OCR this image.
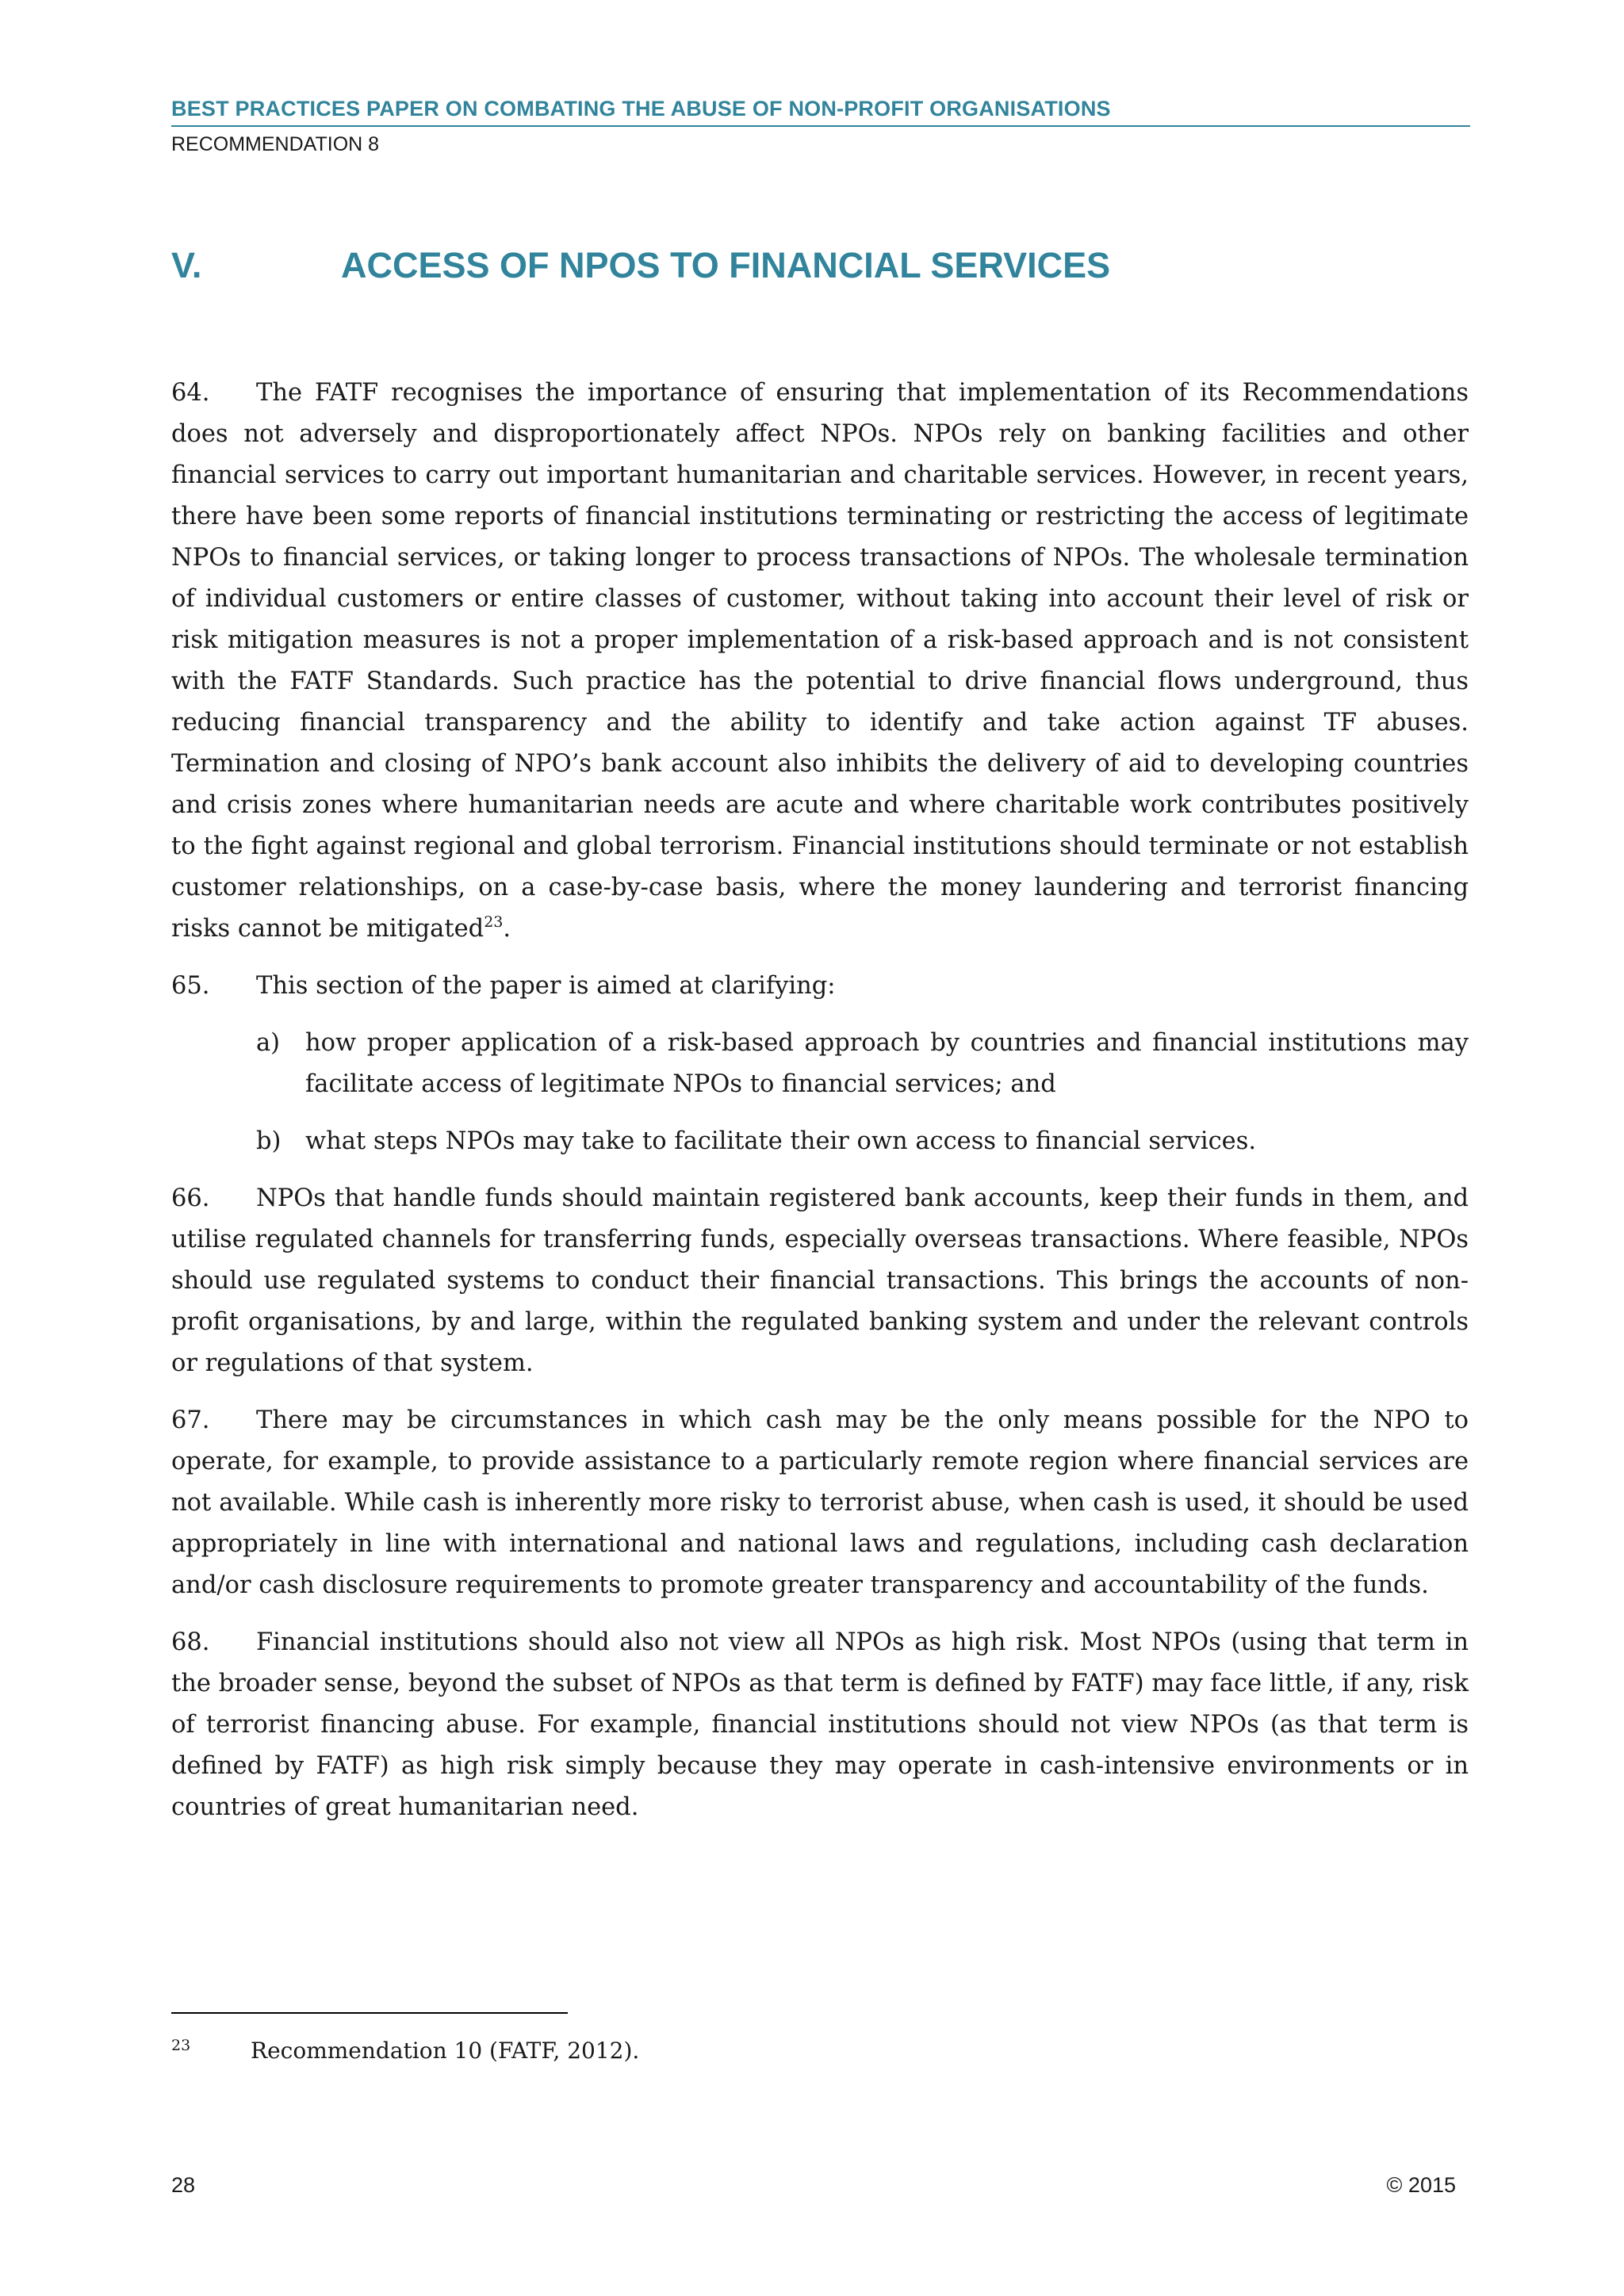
BEST PRACTICES PAPER ON COMBATING THE ABUSE OF NON-PROFIT ORGANISATIONS
RECOMMENDATION 8
V.	ACCESS OF NPOS TO FINANCIAL SERVICES

64. The FATF recognises the importance of ensuring that implementation of its Recommendations does not adversely and disproportionately affect NPOs. NPOs rely on banking facilities and other financial services to carry out important humanitarian and charitable services. However, in recent years, there have been some reports of financial institutions terminating or restricting the access of legitimate NPOs to financial services, or taking longer to process transactions of NPOs. The wholesale termination of individual customers or entire classes of customer, without taking into account their level of risk or risk mitigation measures is not a proper implementation of a risk-based approach and is not consistent with the FATF Standards. Such practice has the potential to drive financial flows underground, thus reducing financial transparency and the ability to identify and take action against TF abuses. Termination and closing of NPO’s bank account also inhibits the delivery of aid to developing countries and crisis zones where humanitarian needs are acute and where charitable work contributes positively to the fight against regional and global terrorism. Financial institutions should terminate or not establish customer relationships, on a case-by-case basis, where the money laundering and terrorist financing risks cannot be mitigated$^{23}$.

65. This section of the paper is aimed at clarifying:

a)	how proper application of a risk-based approach by countries and financial institutions may facilitate access of legitimate NPOs to financial services; and
b)	what steps NPOs may take to facilitate their own access to financial services.

66. NPOs that handle funds should maintain registered bank accounts, keep their funds in them, and utilise regulated channels for transferring funds, especially overseas transactions. Where feasible, NPOs should use regulated systems to conduct their financial transactions. This brings the accounts of non-profit organisations, by and large, within the regulated banking system and under the relevant controls or regulations of that system.

67. There may be circumstances in which cash may be the only means possible for the NPO to operate, for example, to provide assistance to a particularly remote region where financial services are not available. While cash is inherently more risky to terrorist abuse, when cash is used, it should be used appropriately in line with international and national laws and regulations, including cash declaration and/or cash disclosure requirements to promote greater transparency and accountability of the funds.

68. Financial institutions should also not view all NPOs as high risk. Most NPOs (using that term in the broader sense, beyond the subset of NPOs as that term is defined by FATF) may face little, if any, risk of terrorist financing abuse. For example, financial institutions should not view NPOs (as that term is defined by FATF) as high risk simply because they may operate in cash-intensive environments or in countries of great humanitarian need.

23	Recommendation 10 (FATF, 2012).
28	© 2015
